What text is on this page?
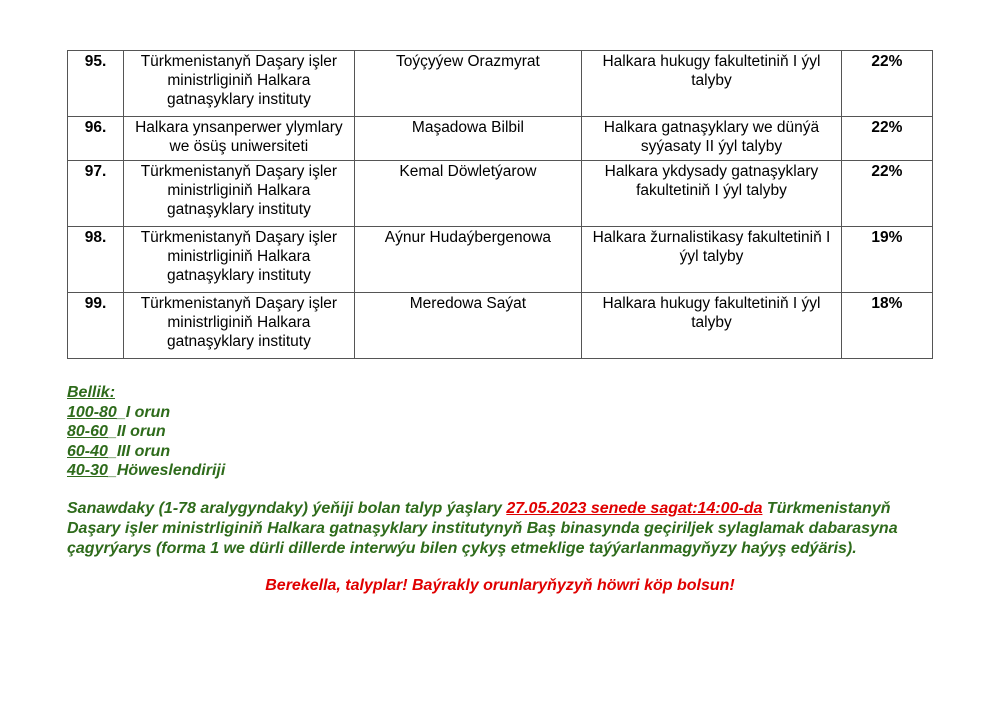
95.	Türkmenistanyň Daşary işler ministrliginiň Halkara gatnaşyklary instituty	Toýçyýew Orazmyrat	Halkara hukugy fakultetiniň I ýyl talyby	22%
96.	Halkara ynsanperwer ylymlary we ösüş uniwersiteti	Maşadowa Bilbil	Halkara gatnaşyklary we dünýä syýasaty II ýyl talyby	22%
97.	Türkmenistanyň Daşary işler ministrliginiň Halkara gatnaşyklary instituty	Kemal Döwletýarow	Halkara ykdysady gatnaşyklary fakultetiniň I ýyl talyby	22%
98.	Türkmenistanyň Daşary işler ministrliginiň Halkara gatnaşyklary instituty	Aýnur Hudaýbergenowa	Halkara žurnalistikasy fakultetiniň I ýyl talyby	19%
99.	Türkmenistanyň Daşary işler ministrliginiň Halkara gatnaşyklary instituty	Meredowa Saýat	Halkara hukugy fakultetiniň I ýyl talyby	18%
Bellik:
100-80_I orun
80-60_II orun
60-40_III orun
40-30_Höweslendiriji
Sanawdaky (1-78 aralygyndaky) ýeňiji bolan talyp ýaşlary 27.05.2023 senede sagat:14:00-da Türkmenistanyň Daşary işler ministrliginiň Halkara gatnaşyklary institutynyň Baş binasynda geçiriljek sylaglamak dabarasyna çagyrýarys (forma 1 we dürli dillerde interwýu bilen çykyş etmeklige taýýarlanmagyňyzy haýyş edýäris).
Berekella, talyplar! Baýrakly orunlaryňyzyň höwri köp bolsun!
